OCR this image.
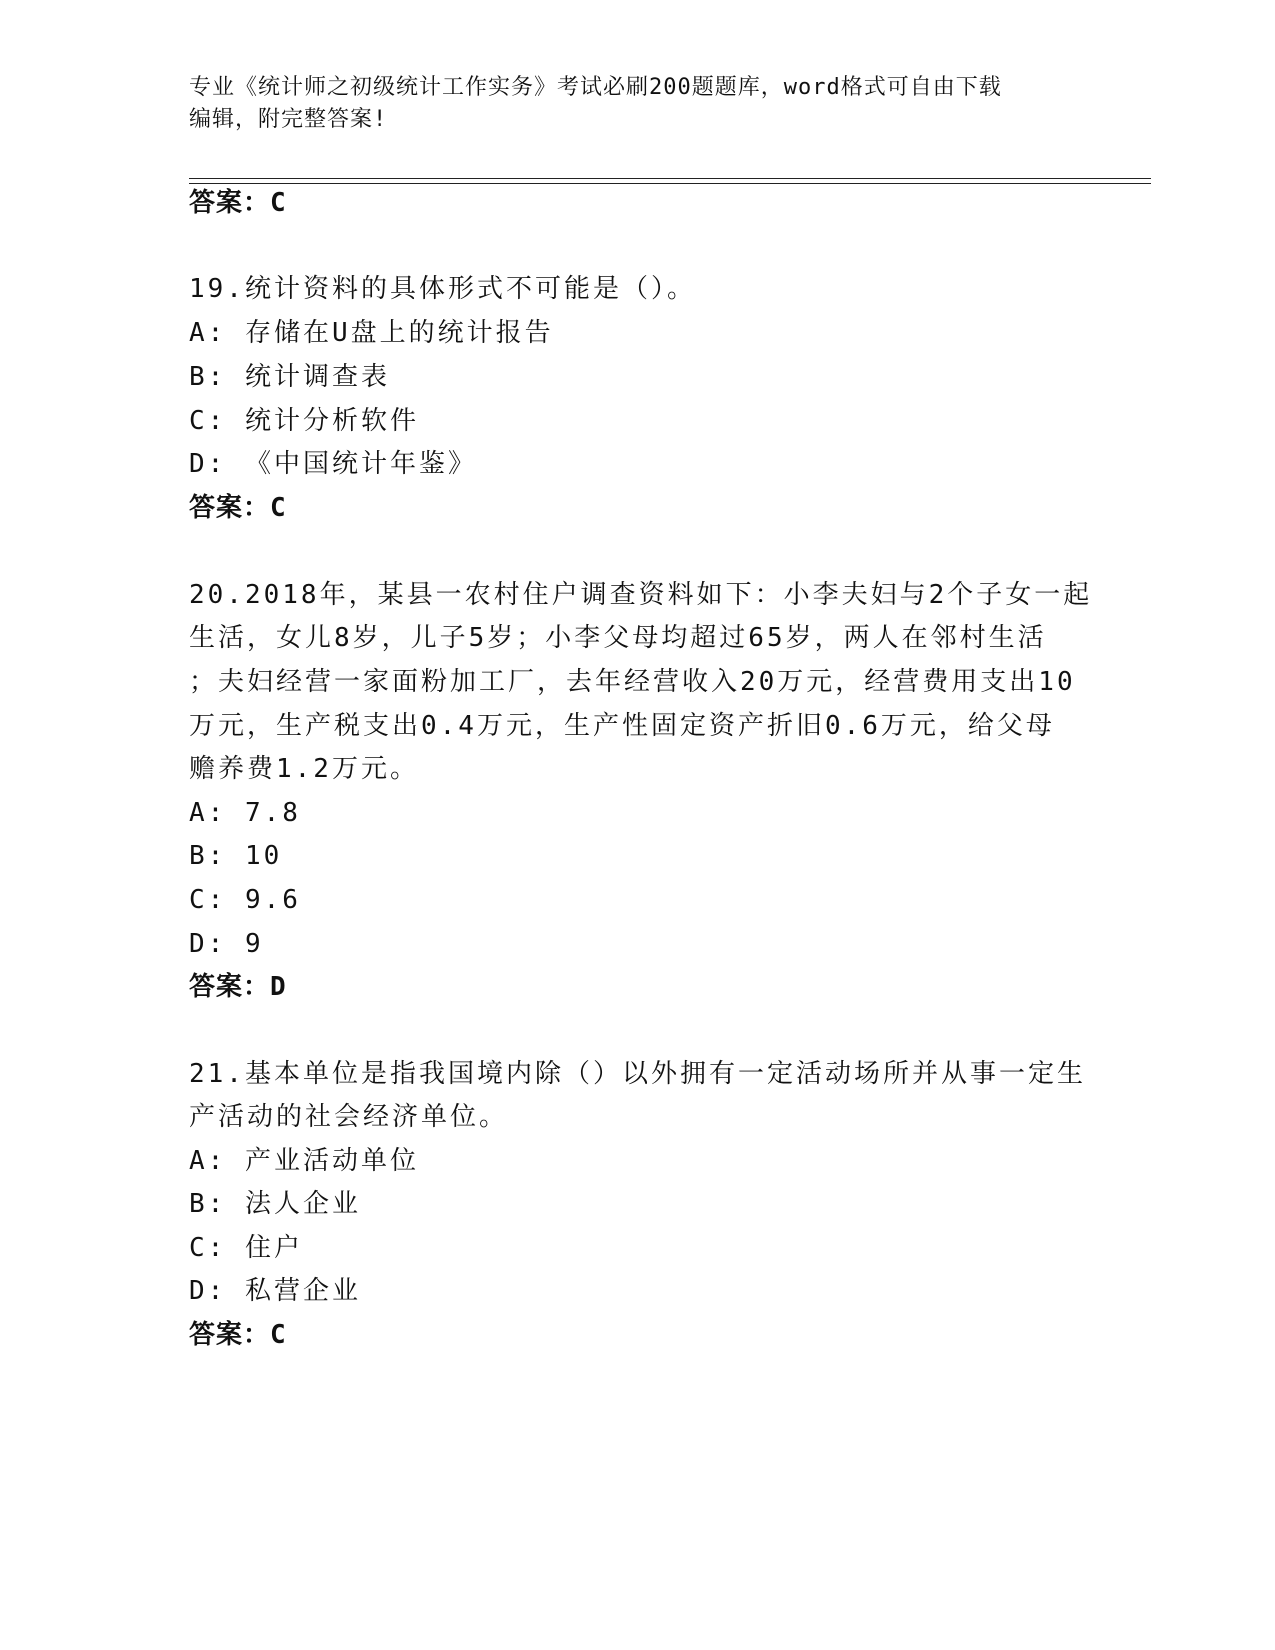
专业《统计师之初级统计工作实务》考试必刷200题题库，word格式可自由下载
编辑，附完整答案!
答案：C
19.统计资料的具体形式不可能是（）。
A: 存储在U盘上的统计报告
B: 统计调查表
C: 统计分析软件
D: 《中国统计年鉴》
答案：C
20.2018年，某县一农村住户调查资料如下：小李夫妇与2个子女一起
生活，女儿8岁，儿子5岁；小李父母均超过65岁，两人在邻村生活
；夫妇经营一家面粉加工厂，去年经营收入20万元，经营费用支出10
万元，生产税支出0.4万元，生产性固定资产折旧0.6万元，给父母
赡养费1.2万元。
A: 7.8
B: 10
C: 9.6
D: 9
答案：D
21.基本单位是指我国境内除（）以外拥有一定活动场所并从事一定生
产活动的社会经济单位。
A: 产业活动单位
B: 法人企业
C: 住户
D: 私营企业
答案：C
